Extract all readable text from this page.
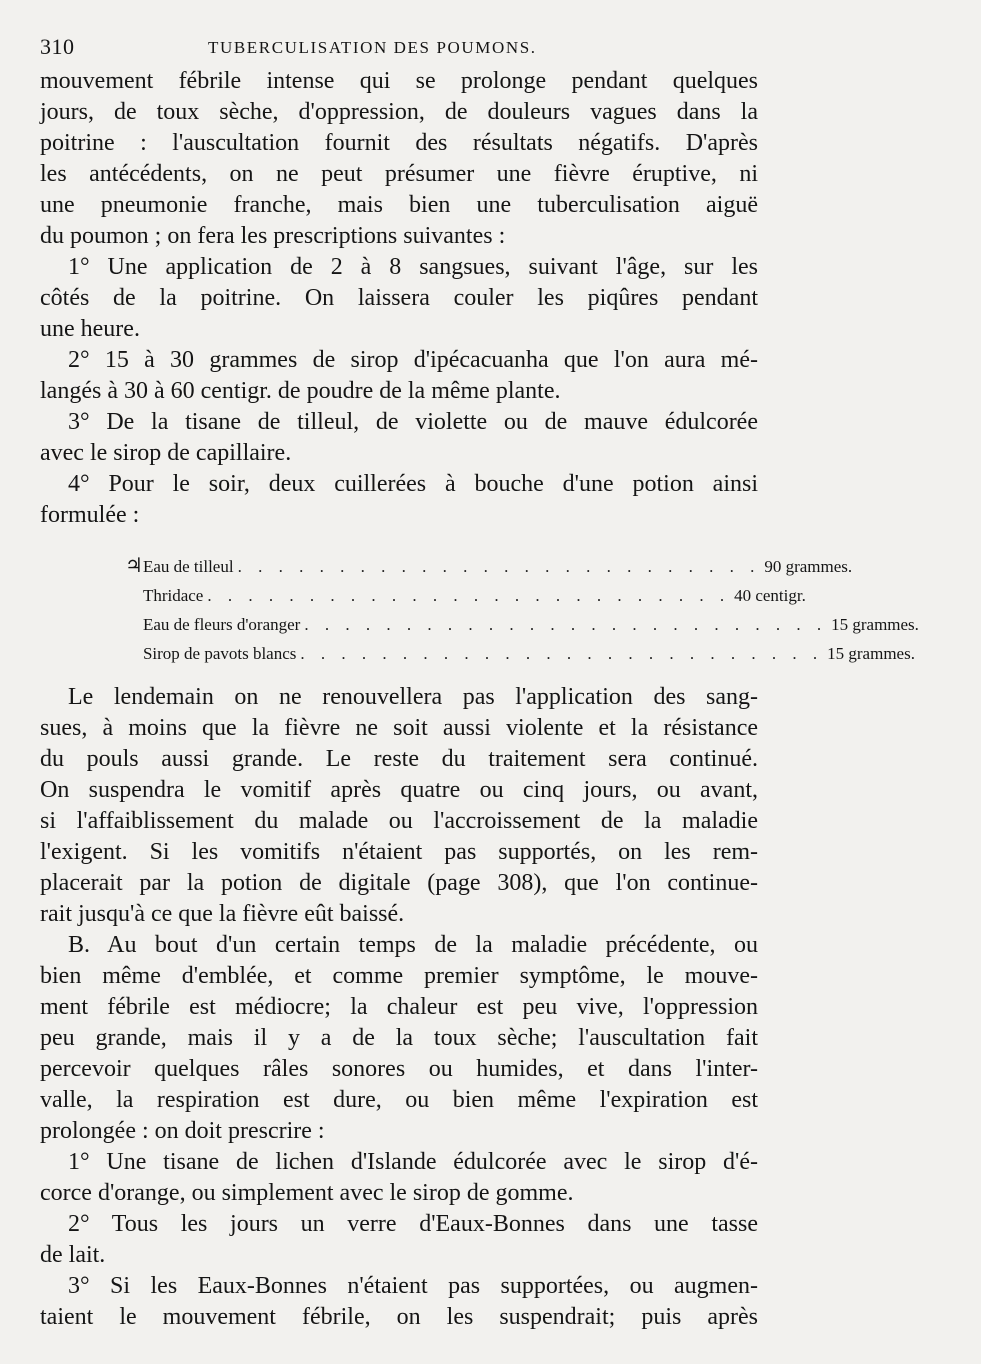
310	TUBERCULISATION DES POUMONS.
mouvement fébrile intense qui se prolonge pendant quelques
jours, de toux sèche, d'oppression, de douleurs vagues dans la
poitrine : l'auscultation fournit des résultats négatifs. D'après
les antécédents, on ne peut présumer une fièvre éruptive, ni
une pneumonie franche, mais bien une tuberculisation aiguë
du poumon ; on fera les prescriptions suivantes :
1° Une application de 2 à 8 sangsues, suivant l'âge, sur les
côtés de la poitrine. On laissera couler les piqûres pendant
une heure.
2° 15 à 30 grammes de sirop d'ipécacuanha que l'on aura mé-
langés à 30 à 60 centigr. de poudre de la même plante.
3° De la tisane de tilleul, de violette ou de mauve édulcorée
avec le sirop de capillaire.
4° Pour le soir, deux cuillerées à bouche d'une potion ainsi
formulée :
♃ Eau de tilleul . . . . . . . . . . . . . . . . . . . . . . . . . . 90 grammes.
Thridace . . . . . . . . . . . . . . . . . . . . . . . . . . 40 centigr.
Eau de fleurs d'oranger . . . . . . . . . . . . . . . . . . . . . . . . . . 15 grammes.
Sirop de pavots blancs . . . . . . . . . . . . . . . . . . . . . . . . . . 15 grammes.
Le lendemain on ne renouvellera pas l'application des sang-
sues, à moins que la fièvre ne soit aussi violente et la résistance
du pouls aussi grande. Le reste du traitement sera continué.
On suspendra le vomitif après quatre ou cinq jours, ou avant,
si l'affaiblissement du malade ou l'accroissement de la maladie
l'exigent. Si les vomitifs n'étaient pas supportés, on les rem-
placerait par la potion de digitale (page 308), que l'on continue-
rait jusqu'à ce que la fièvre eût baissé.
B. Au bout d'un certain temps de la maladie précédente, ou
bien même d'emblée, et comme premier symptôme, le mouve-
ment fébrile est médiocre; la chaleur est peu vive, l'oppression
peu grande, mais il y a de la toux sèche; l'auscultation fait
percevoir quelques râles sonores ou humides, et dans l'inter-
valle, la respiration est dure, ou bien même l'expiration est
prolongée : on doit prescrire :
1° Une tisane de lichen d'Islande édulcorée avec le sirop d'é-
corce d'orange, ou simplement avec le sirop de gomme.
2° Tous les jours un verre d'Eaux-Bonnes dans une tasse
de lait.
3° Si les Eaux-Bonnes n'étaient pas supportées, ou augmen-
taient le mouvement fébrile, on les suspendrait; puis après
